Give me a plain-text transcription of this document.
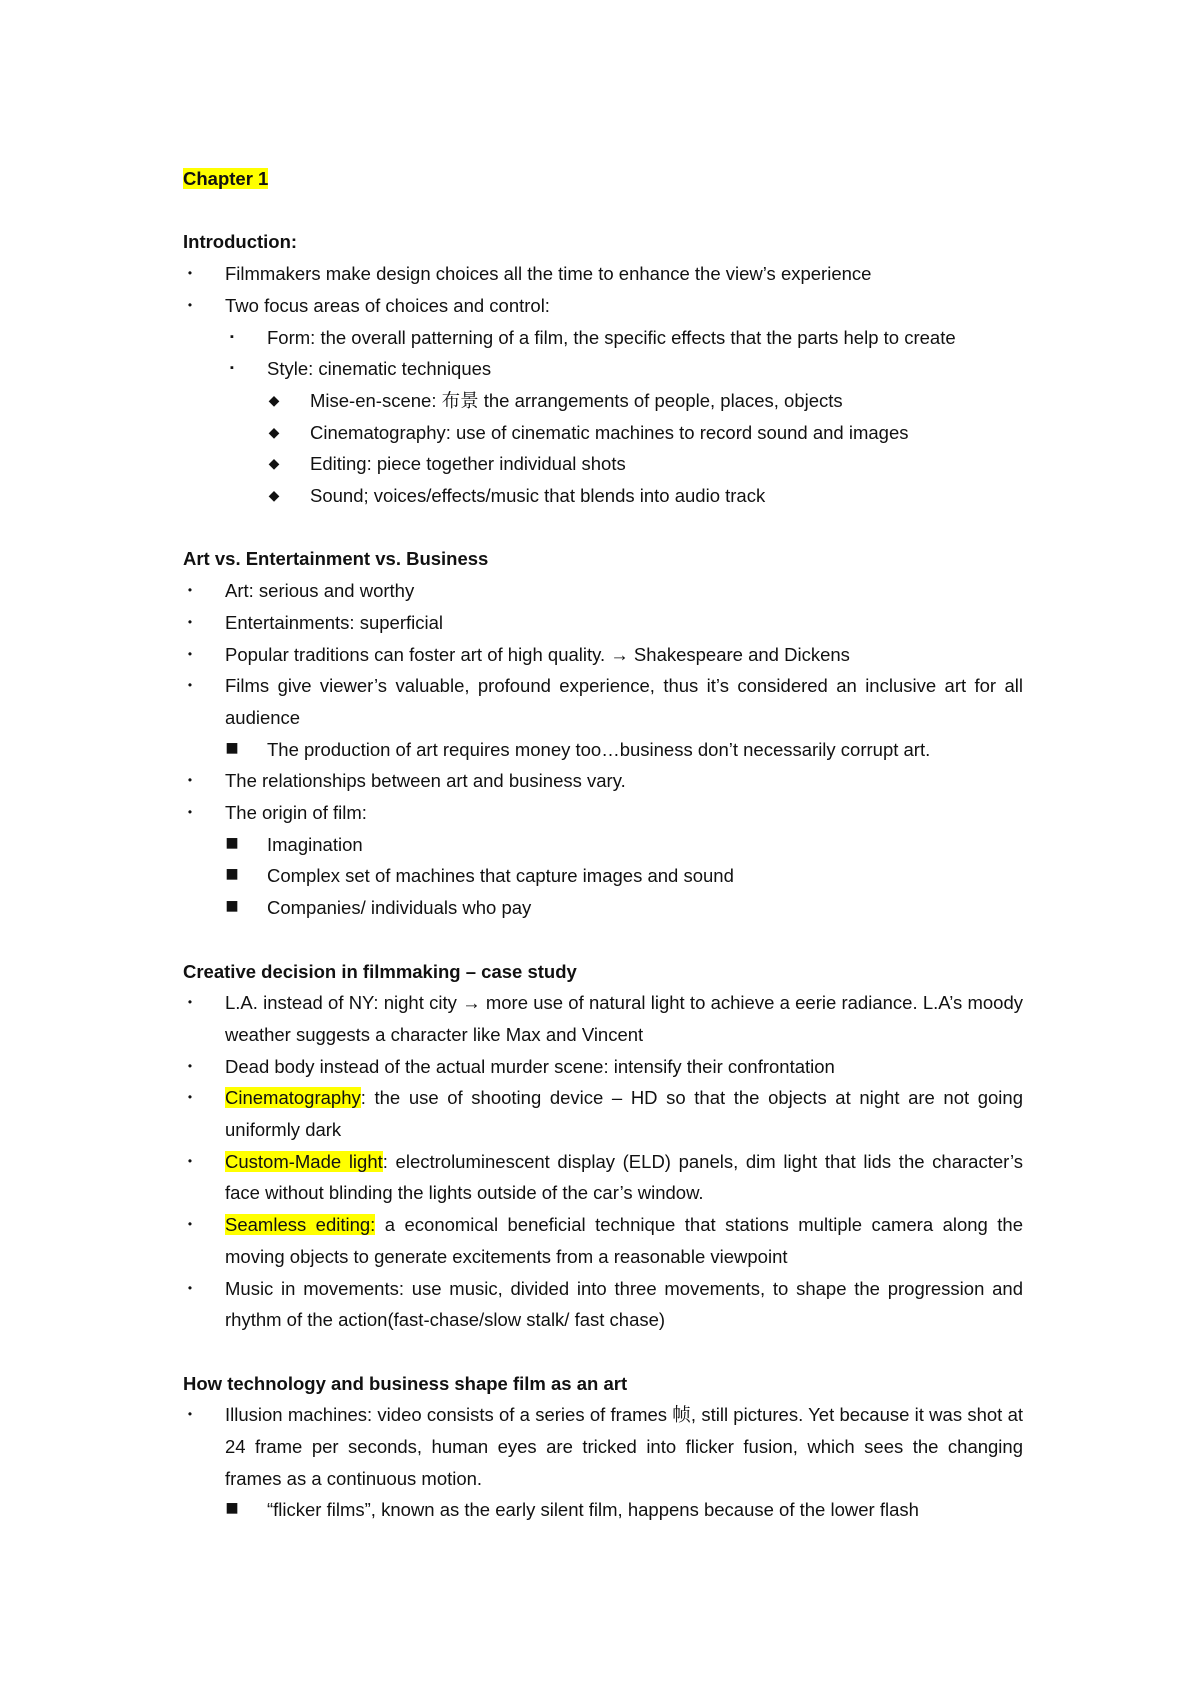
Chapter 1
Introduction:
• Filmmakers make design choices all the time to enhance the view’s experience
• Two focus areas of choices and control:
▪ Form: the overall patterning of a film, the specific effects that the parts help to create
▪ Style: cinematic techniques
◆ Mise-en-scene: 布景 the arrangements of people, places, objects
◆ Cinematography: use of cinematic machines to record sound and images
◆ Editing: piece together individual shots
◆ Sound; voices/effects/music that blends into audio track
Art vs. Entertainment vs. Business
• Art: serious and worthy
• Entertainments: superficial
• Popular traditions can foster art of high quality. → Shakespeare and Dickens
• Films give viewer’s valuable, profound experience, thus it’s considered an inclusive art for all audience
■ The production of art requires money too…business don’t necessarily corrupt art.
• The relationships between art and business vary.
• The origin of film:
■ Imagination
■ Complex set of machines that capture images and sound
■ Companies/ individuals who pay
Creative decision in filmmaking – case study
• L.A. instead of NY: night city → more use of natural light to achieve a eerie radiance. L.A’s moody weather suggests a character like Max and Vincent
• Dead body instead of the actual murder scene: intensify their confrontation
• Cinematography: the use of shooting device – HD so that the objects at night are not going uniformly dark
• Custom-Made light: electroluminescent display (ELD) panels, dim light that lids the character’s face without blinding the lights outside of the car’s window.
• Seamless editing: a economical beneficial technique that stations multiple camera along the moving objects to generate excitements from a reasonable viewpoint
• Music in movements: use music, divided into three movements, to shape the progression and rhythm of the action(fast-chase/slow stalk/ fast chase)
How technology and business shape film as an art
• Illusion machines: video consists of a series of frames 帧, still pictures. Yet because it was shot at 24 frame per seconds, human eyes are tricked into flicker fusion, which sees the changing frames as a continuous motion.
■ “flicker films”, known as the early silent film, happens because of the lower flash
